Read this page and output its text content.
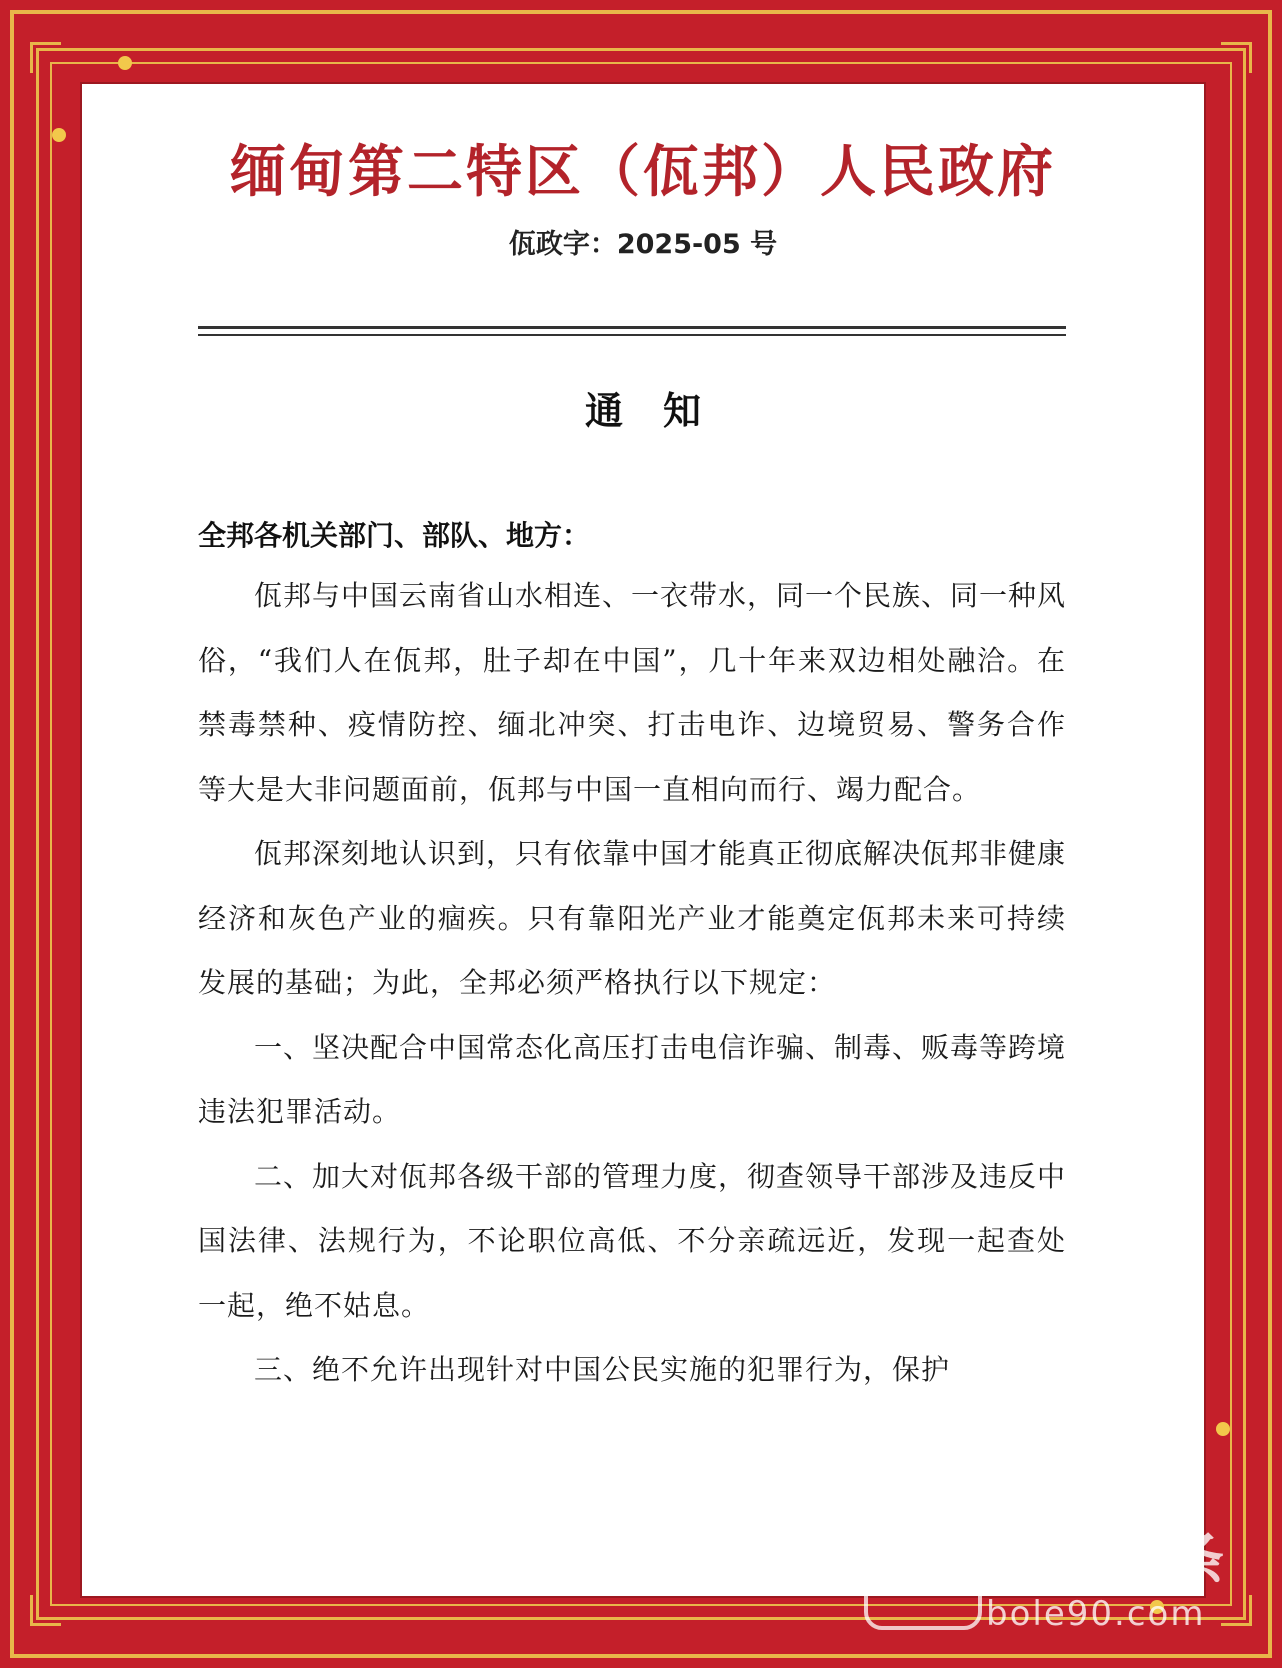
缅甸第二特区（佤邦）人民政府
佤政字：2025-05 号
通知
全邦各机关部门、部队、地方：

佤邦与中国云南省山水相连、一衣带水，同一个民族、同一种风俗，“我们人在佤邦，肚子却在中国”，几十年来双边相处融洽。在禁毒禁种、疫情防控、缅北冲突、打击电诈、边境贸易、警务合作等大是大非问题面前，佤邦与中国一直相向而行、竭力配合。

佤邦深刻地认识到，只有依靠中国才能真正彻底解决佤邦非健康经济和灰色产业的痼疾。只有靠阳光产业才能奠定佤邦未来可持续发展的基础；为此，全邦必须严格执行以下规定：

一、坚决配合中国常态化高压打击电信诈骗、制毒、贩毒等跨境违法犯罪活动。

二、加大对佤邦各级干部的管理力度，彻查领导干部涉及违反中国法律、法规行为，不论职位高低、不分亲疏远近，发现一起查处一起，绝不姑息。

三、绝不允许出现针对中国公民实施的犯罪行为，保护

Bole 伯乐头条
bole90.com
